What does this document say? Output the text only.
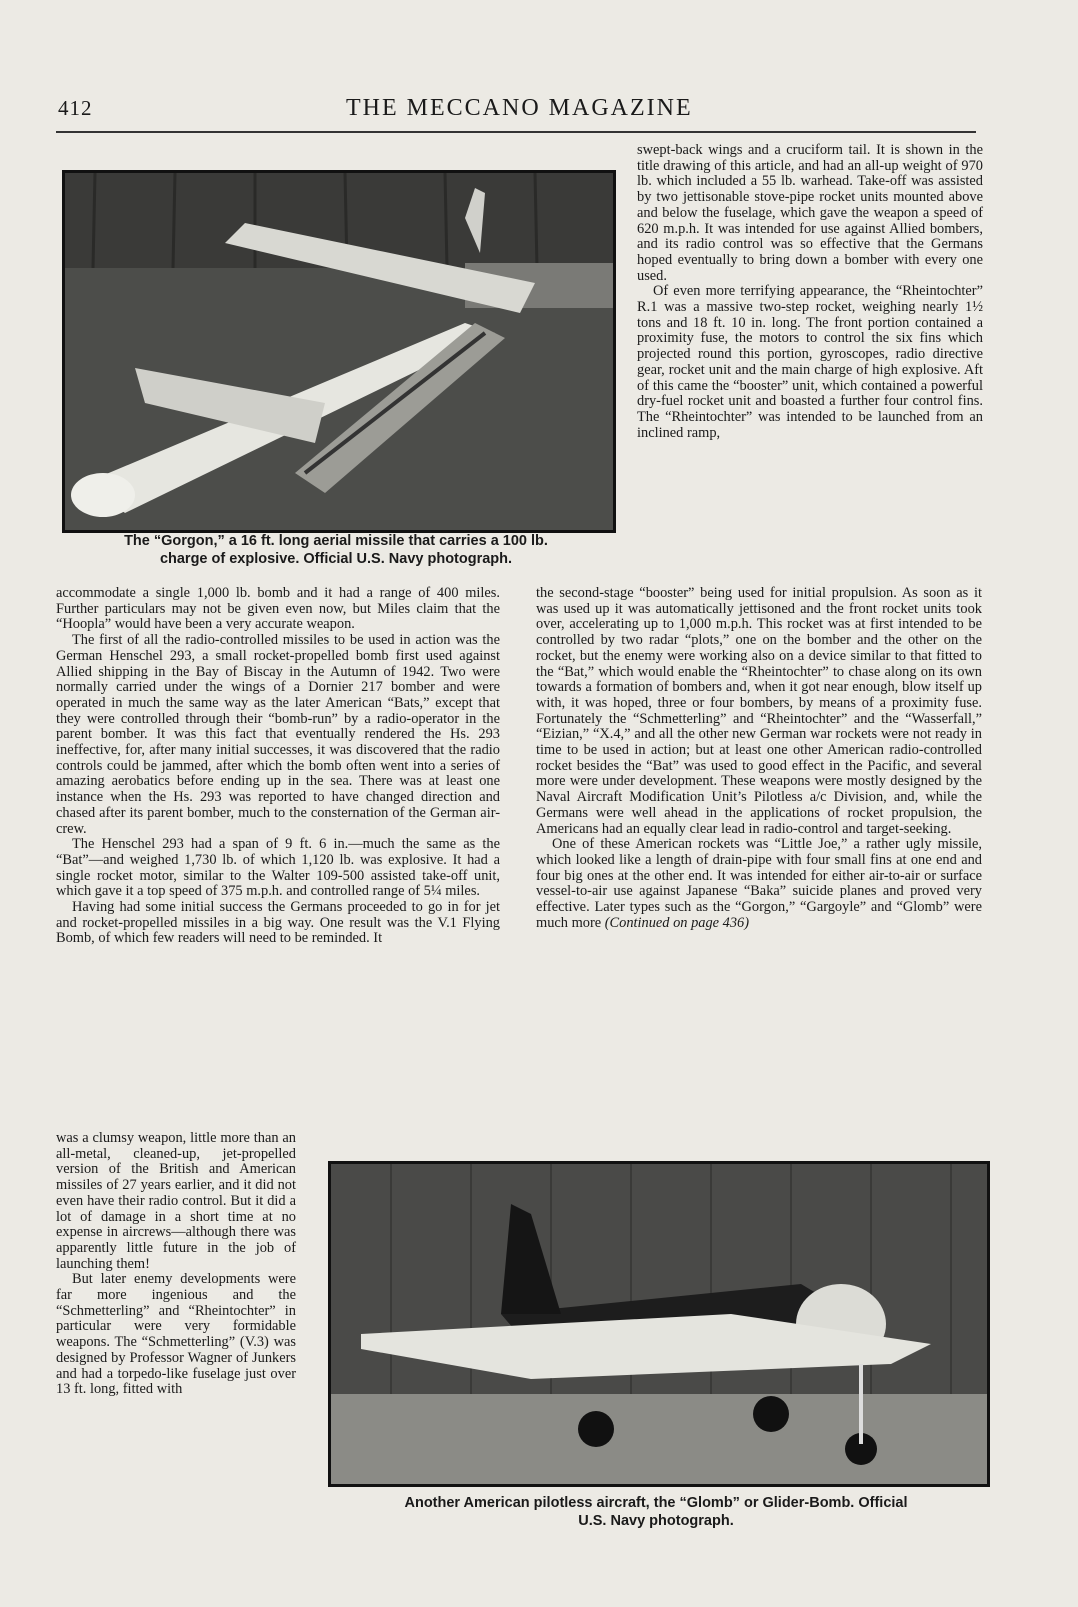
412	THE MECCANO MAGAZINE
The “Gorgon,” a 16 ft. long aerial missile that carries a 100 lb.
charge of explosive. Official U.S. Navy photograph.

swept-back wings and a cruciform tail. It is shown in the title drawing of this article, and had an all-up weight of 970 lb. which included a 55 lb. warhead. Take-off was assisted by two jettisonable stove-pipe rocket units mounted above and below the fuselage, which gave the weapon a speed of 620 m.p.h. It was intended for use against Allied bombers, and its radio control was so effective that the Germans hoped eventually to bring down a bomber with every one used.

Of even more terrifying appearance, the “Rheintochter” R.1 was a massive two-step rocket, weighing nearly 1½ tons and 18 ft. 10 in. long. The front portion contained a proximity fuse, the motors to control the six fins which projected round this portion, gyroscopes, radio directive gear, rocket unit and the main charge of high explosive. Aft of this came the “booster” unit, which contained a powerful dry-fuel rocket unit and boasted a further four control fins. The “Rheintochter” was intended to be launched from an inclined ramp,

accommodate a single 1,000 lb. bomb and it had a range of 400 miles. Further particulars may not be given even now, but Miles claim that the “Hoopla” would have been a very accurate weapon.

The first of all the radio-controlled missiles to be used in action was the German Henschel 293, a small rocket-propelled bomb first used against Allied shipping in the Bay of Biscay in the Autumn of 1942. Two were normally carried under the wings of a Dornier 217 bomber and were operated in much the same way as the later American “Bats,” except that they were controlled through their “bomb-run” by a radio-operator in the parent bomber. It was this fact that eventually rendered the Hs. 293 ineffective, for, after many initial successes, it was discovered that the radio controls could be jammed, after which the bomb often went into a series of amazing aerobatics before ending up in the sea. There was at least one instance when the Hs. 293 was reported to have changed direction and chased after its parent bomber, much to the consternation of the German air-crew.

The Henschel 293 had a span of 9 ft. 6 in.—much the same as the “Bat”—and weighed 1,730 lb. of which 1,120 lb. was explosive. It had a single rocket motor, similar to the Walter 109-500 assisted take-off unit, which gave it a top speed of 375 m.p.h. and controlled range of 5¼ miles.

Having had some initial success the Germans proceeded to go in for jet and rocket-propelled missiles in a big way. One result was the V.1 Flying Bomb, of which few readers will need to be reminded. It

was a clumsy weapon, little more than an all-metal, cleaned-up, jet-propelled version of the British and American missiles of 27 years earlier, and it did not even have their radio control. But it did a lot of damage in a short time at no expense in aircrews—although there was apparently little future in the job of launching them!

But later enemy developments were far more ingenious and the “Schmetterling” and “Rheintochter” in particular were very formidable weapons. The “Schmetterling” (V.3) was designed by Professor Wagner of Junkers and had a torpedo-like fuselage just over 13 ft. long, fitted with

the second-stage “booster” being used for initial propulsion. As soon as it was used up it was automatically jettisoned and the front rocket units took over, accelerating up to 1,000 m.p.h. This rocket was at first intended to be controlled by two radar “plots,” one on the bomber and the other on the rocket, but the enemy were working also on a device similar to that fitted to the “Bat,” which would enable the “Rheintochter” to chase along on its own towards a formation of bombers and, when it got near enough, blow itself up with, it was hoped, three or four bombers, by means of a proximity fuse. Fortunately the “Schmetterling” and “Rheintochter” and the “Wasserfall,” “Eizian,” “X.4,” and all the other new German war rockets were not ready in time to be used in action; but at least one other American radio-controlled rocket besides the “Bat” was used to good effect in the Pacific, and several more were under development. These weapons were mostly designed by the Naval Aircraft Modification Unit’s Pilotless a/c Division, and, while the Germans were well ahead in the applications of rocket propulsion, the Americans had an equally clear lead in radio-control and target-seeking.

One of these American rockets was “Little Joe,” a rather ugly missile, which looked like a length of drain-pipe with four small fins at one end and four big ones at the other end. It was intended for either air-to-air or surface vessel-to-air use against Japanese “Baka” suicide planes and proved very effective. Later types such as the “Gorgon,” “Gargoyle” and “Glomb” were much more (Continued on page 436)

Another American pilotless aircraft, the “Glomb” or Glider-Bomb. Official
U.S. Navy photograph.
